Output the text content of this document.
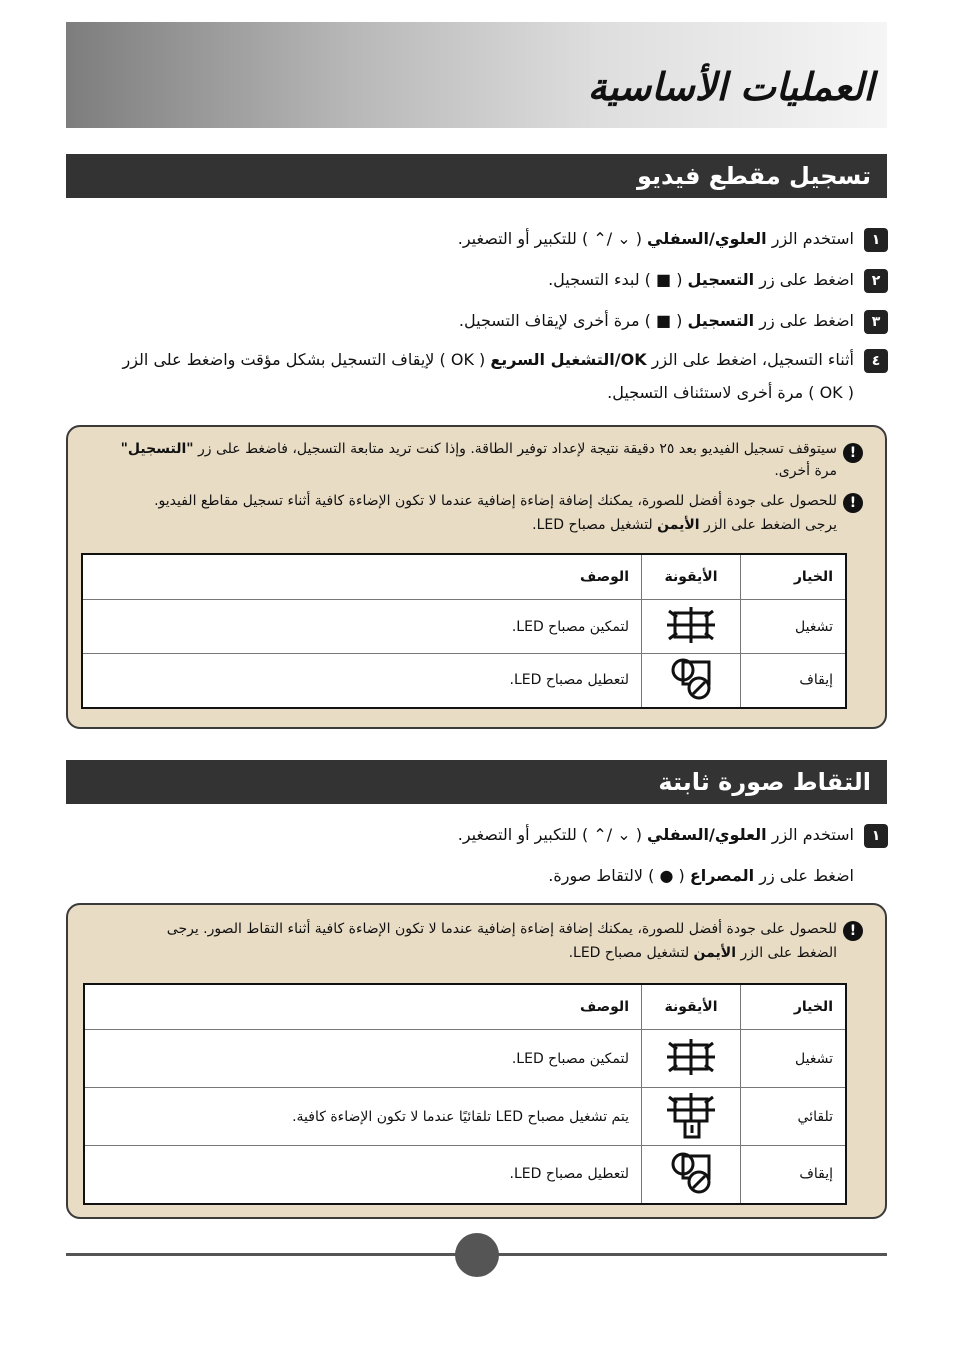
العمليات الأساسية
تسجيل مقطع فيديو
١استخدم الزر العلوي/السفلي ( ⌄ /⌃ ) للتكبير أو التصغير.
٢اضغط على زر التسجيل ( ■ ) لبدء التسجيل.
٣اضغط على زر التسجيل ( ■ ) مرة أخرى لإيقاف التسجيل.
٤أثناء التسجيل، اضغط على الزر OK/التشغيل السريع ( OK ) لإيقاف التسجيل بشكل مؤقت واضغط على الزر
( OK ) مرة أخرى لاستئناف التسجيل.
!
سيتوقف تسجيل الفيديو بعد ٢٥ دقيقة نتيجة لإعداد توفير الطاقة. وإذا كنت تريد متابعة التسجيل، فاضغط على زر "التسجيل"
مرة أخرى.
!
للحصول على جودة أفضل للصورة، يمكنك إضافة إضاءة إضافية عندما لا تكون الإضاءة كافية أثناء تسجيل مقاطع الفيديو.
يرجى الضغط على الزر الأيمن لتشغيل مصباح LED.
الخيار	الأيقونة	الوصف
تشغيل		لتمكين مصباح LED.
إيقاف		لتعطيل مصباح LED.
التقاط صورة ثابتة
١استخدم الزر العلوي/السفلي ( ⌄ /⌃ ) للتكبير أو التصغير.
اضغط على زر المصراع ( ● ) لالتقاط صورة.
!
للحصول على جودة أفضل للصورة، يمكنك إضافة إضاءة إضافية عندما لا تكون الإضاءة كافية أثناء التقاط الصور. يرجى
الضغط على الزر الأيمن لتشغيل مصباح LED.
الخيار	الأيقونة	الوصف
تشغيل		لتمكين مصباح LED.
تلقائي		يتم تشغيل مصباح LED تلقائيًا عندما لا تكون الإضاءة كافية.
إيقاف		لتعطيل مصباح LED.
